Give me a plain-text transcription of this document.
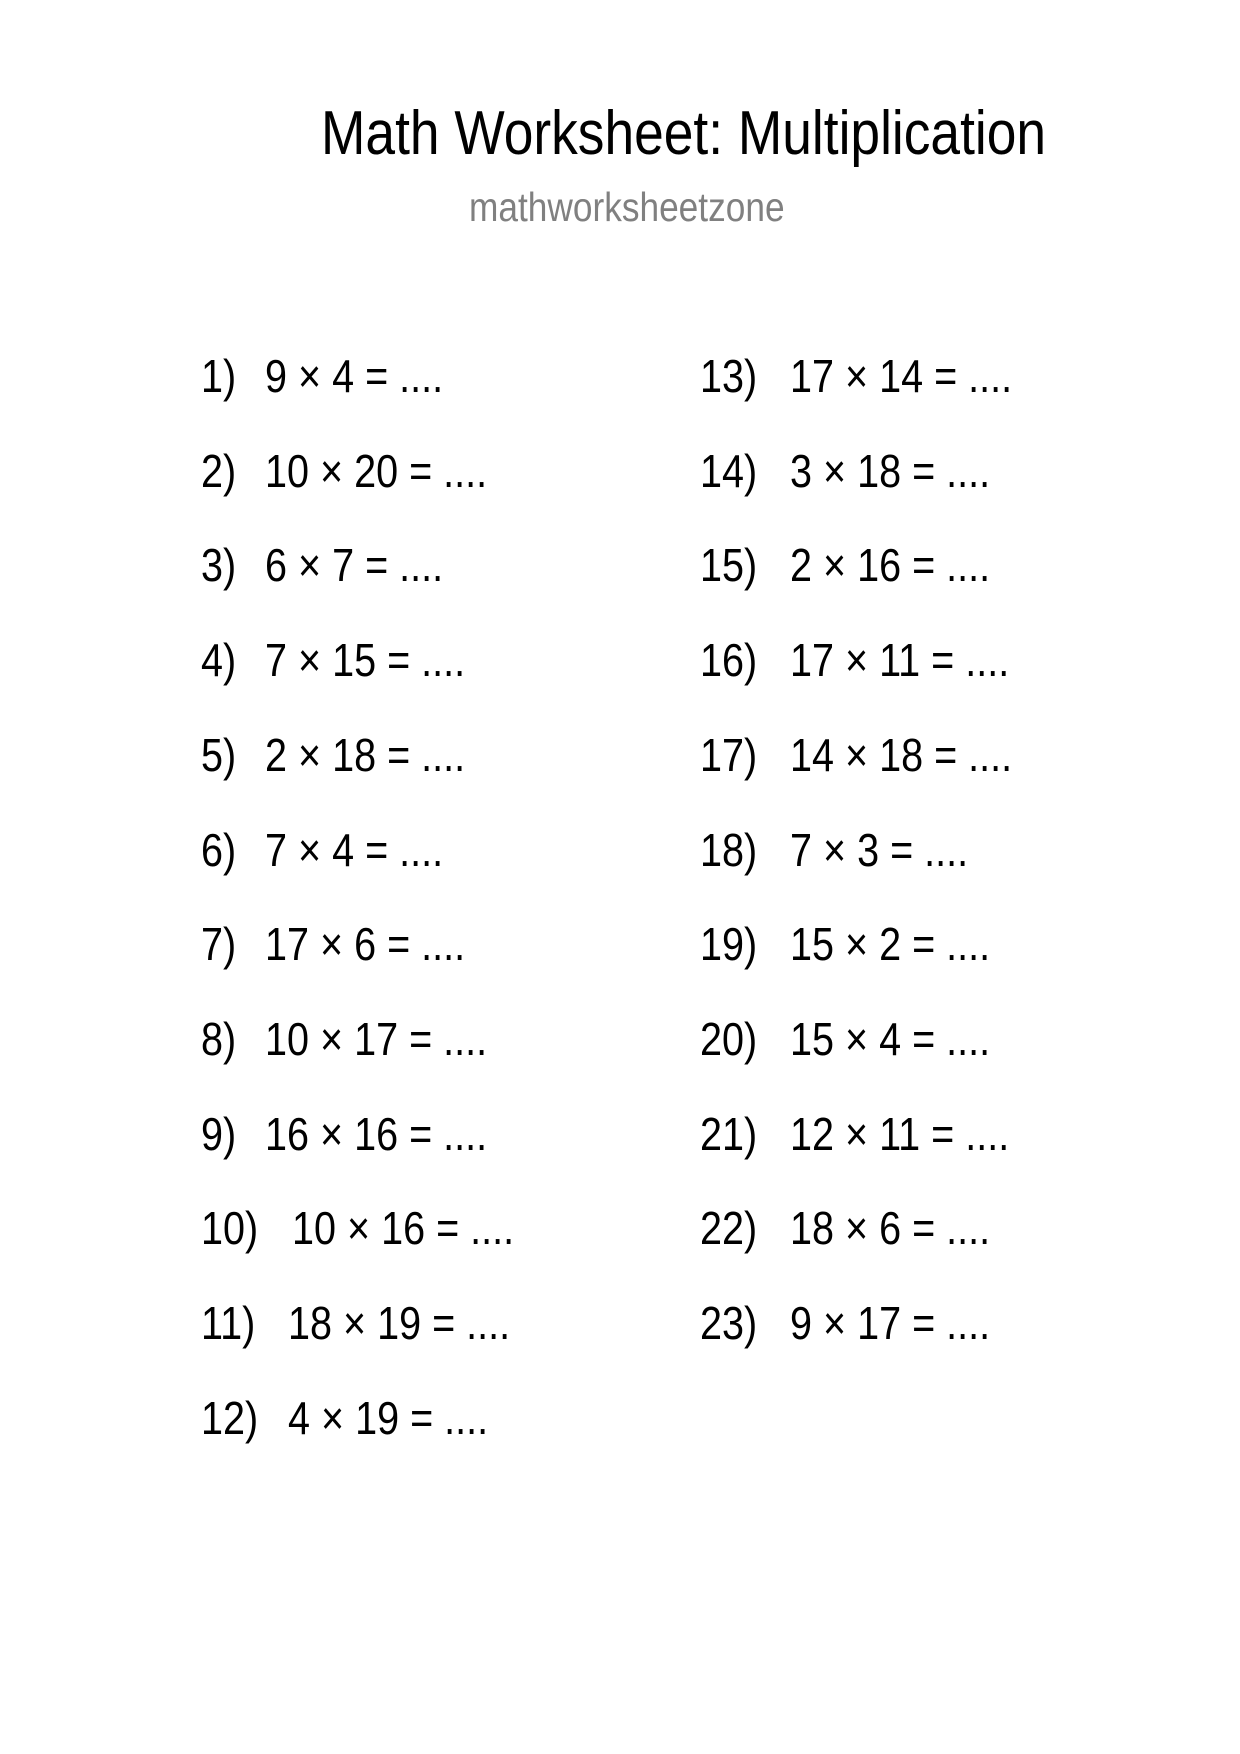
Math Worksheet: Multiplication
mathworksheetzone
1) 9 × 4 = ....
2) 10 × 20 = ....
3) 6 × 7 = ....
4) 7 × 15 = ....
5) 2 × 18 = ....
6) 7 × 4 = ....
7) 17 × 6 = ....
8) 10 × 17 = ....
9) 16 × 16 = ....
10) 10 × 16 = ....
11) 18 × 19 = ....
12) 4 × 19 = ....
13) 17 × 14 = ....
14) 3 × 18 = ....
15) 2 × 16 = ....
16) 17 × 11 = ....
17) 14 × 18 = ....
18) 7 × 3 = ....
19) 15 × 2 = ....
20) 15 × 4 = ....
21) 12 × 11 = ....
22) 18 × 6 = ....
23) 9 × 17 = ....
